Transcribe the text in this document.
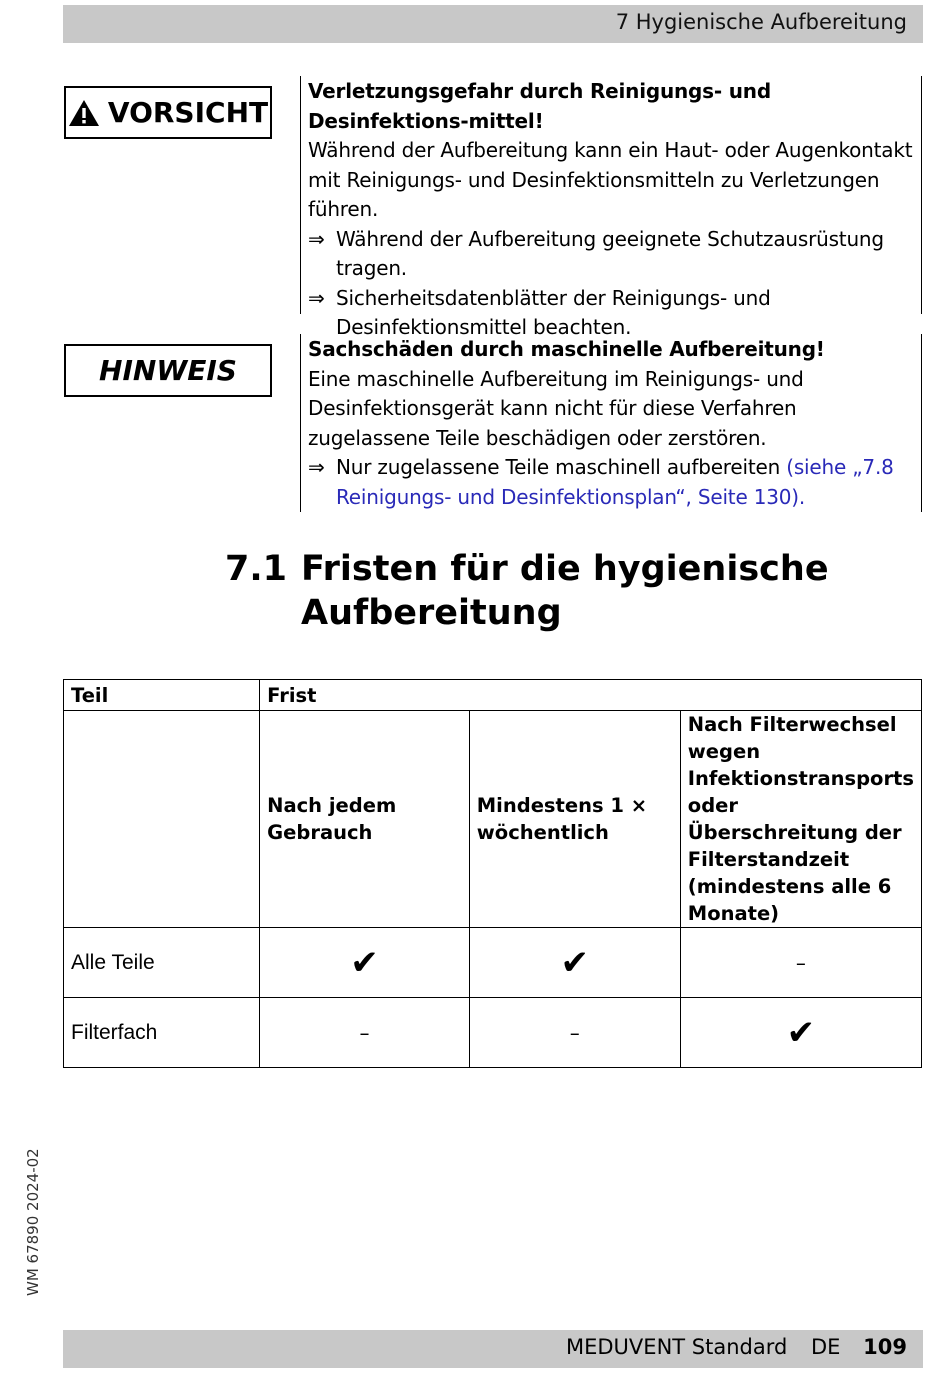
7 Hygienische Aufbereitung
VORSICHT

Verletzungsgefahr durch Reinigungs- und Desinfektions-mittel!

Während der Aufbereitung kann ein Haut- oder Augenkontakt mit Reinigungs- und Desinfektionsmitteln zu Verletzungen führen.

⇒ Während der Aufbereitung geeignete Schutzausrüstung tragen.

⇒ Sicherheitsdatenblätter der Reinigungs- und Desinfektionsmittel beachten.

HINWEIS

Sachschäden durch maschinelle Aufbereitung!

Eine maschinelle Aufbereitung im Reinigungs- und Desinfektionsgerät kann nicht für diese Verfahren zugelassene Teile beschädigen oder zerstören.

⇒ Nur zugelassene Teile maschinell aufbereiten (siehe „7.8 Reinigungs- und Desinfektionsplan“, Seite 130).

7.1 Fristen für die hygienische Aufbereitung
Teil	Frist		
	Nach jedem Gebrauch	Mindestens 1 × wöchentlich	Nach Filterwechsel wegen Infektionstransports oder Überschreitung der Filterstandzeit (mindestens alle 6 Monate)
Alle Teile	✔	✔	–
Filterfach	–	–	✔
WM 67890 2024-02
MEDUVENT Standard DE 109
